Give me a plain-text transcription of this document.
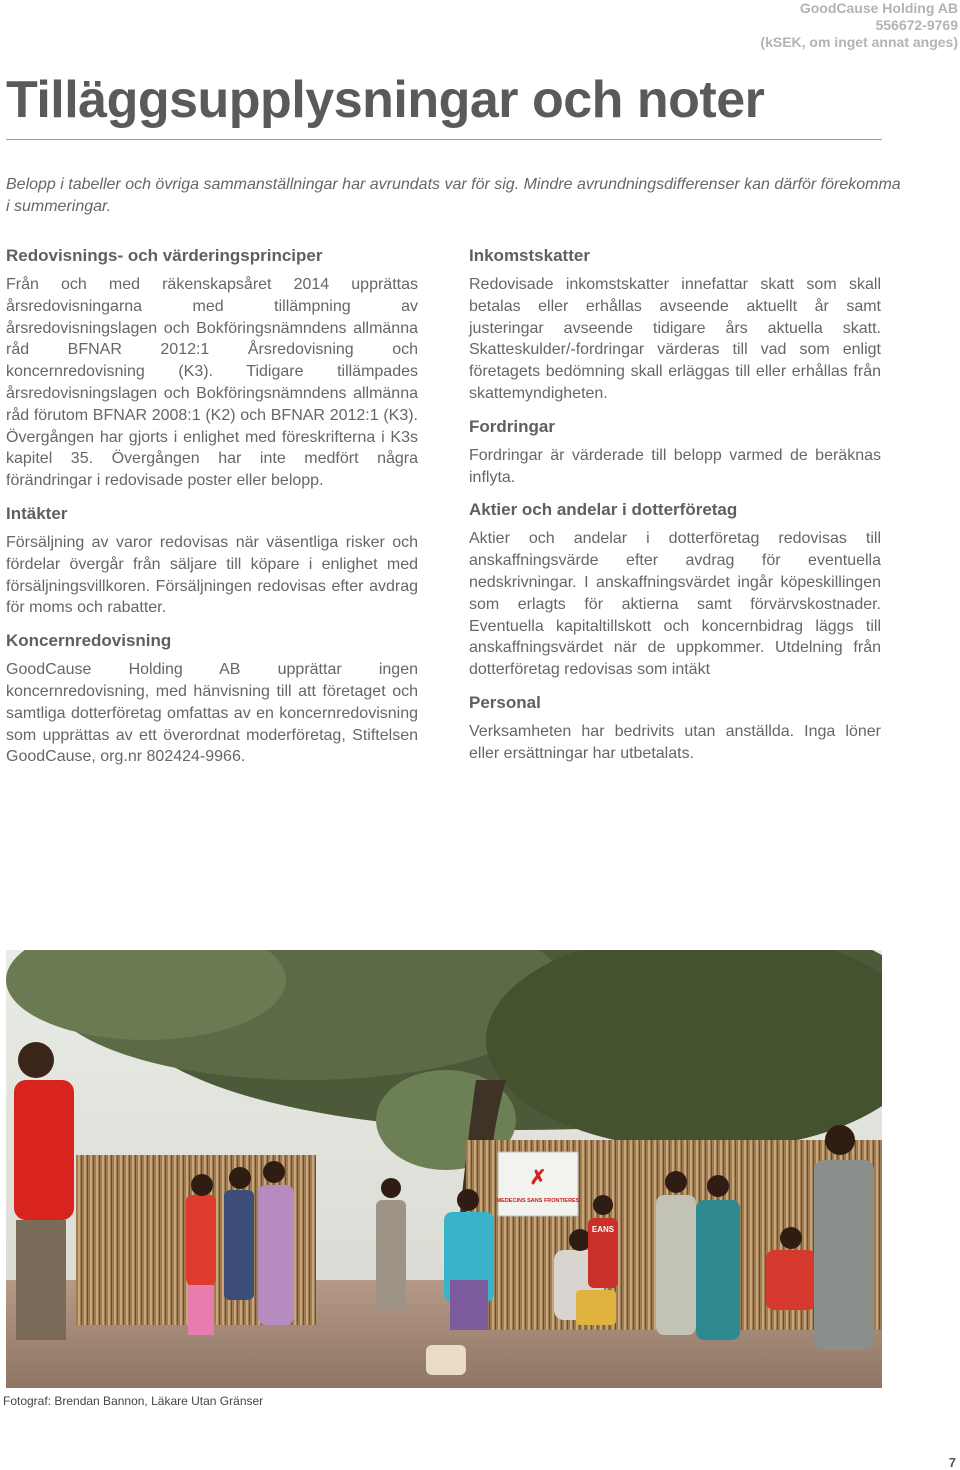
GoodCause Holding AB
556672-9769
(kSEK, om inget annat anges)
Tilläggsupplysningar och noter
Belopp i tabeller och övriga sammanställningar har avrundats var för sig. Mindre avrundningsdifferenser kan därför förekomma i summeringar.
Redovisnings- och värderingsprinciper

Från och med räkenskapsåret 2014 upprättas årsredovisningarna med tillämpning av årsredovisningslagen och Bokföringsnämndens allmänna råd BFNAR 2012:1 Årsredovisning och koncernredovisning (K3). Tidigare tillämpades årsredovisningslagen och Bokföringsnämndens allmänna råd förutom BFNAR 2008:1 (K2) och BFNAR 2012:1 (K3). Övergången har gjorts i enlighet med föreskrifterna i K3s kapitel 35. Övergången har inte medfört några förändringar i redovisade poster eller belopp.

Intäkter

Försäljning av varor redovisas när väsentliga risker och fördelar övergår från säljare till köpare i enlighet med försäljningsvillkoren. Försäljningen redovisas efter avdrag för moms och rabatter.

Koncernredovisning

GoodCause Holding AB upprättar ingen koncernredovisning, med hänvisning till att företaget och samtliga dotterföretag omfattas av en koncernredovisning som upprättas av ett överordnat moderföretag, Stiftelsen GoodCause, org.nr 802424-9966.

Inkomstskatter

Redovisade inkomstskatter innefattar skatt som skall betalas eller erhållas avseende aktuellt år samt justeringar avseende tidigare års aktuella skatt. Skatteskulder/-fordringar värderas till vad som enligt företagets bedömning skall erläggas till eller erhållas från skattemyndigheten.

Fordringar

Fordringar är värderade till belopp varmed de beräknas inflyta.

Aktier och andelar i dotterföretag

Aktier och andelar i dotterföretag redovisas till anskaffningsvärde efter avdrag för eventuella nedskrivningar. I anskaffningsvärdet ingår köpeskillingen som erlagts för aktierna samt förvärvskostnader. Eventuella kapitaltillskott och koncernbidrag läggs till anskaffningsvärdet när de uppkommer. Utdelning från dotterföretag redovisas som intäkt

Personal

Verksamheten har bedrivits utan anställda. Inga löner eller ersättningar har utbetalats.

✗
MEDECINS SANS FRONTIERES
EANS
Fotograf: Brendan Bannon, Läkare Utan Gränser
7
